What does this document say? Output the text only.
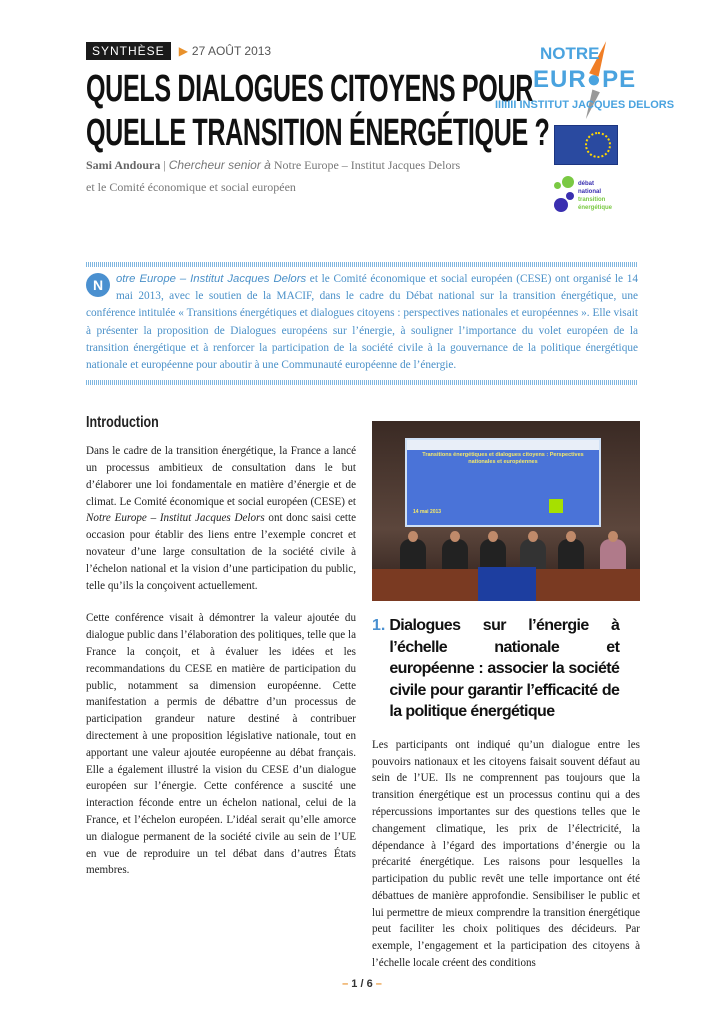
SYNTHÈSE	▶ 27 AOÛT 2013
QUELS DIALOGUES CITOYENS POUR
QUELLE TRANSITION ÉNERGÉTIQUE ?
Sami Andoura | Chercheur senior à Notre Europe – Institut Jacques Delors
et le Comité économique et social européen
NOTRE
EUR●PE
IIIIIII INSTITUT JACQUES DELORS
débat
national
transition
énergétique
N	otre Europe – Institut Jacques Delors et le Comité économique et social européen (CESE) ont organisé le 14 mai 2013, avec le soutien de la MACIF, dans le cadre du Débat national sur la transition énergétique, une conférence intitulée « Transitions énergétiques et dialogues citoyens : perspectives nationales et européennes ». Elle visait à présenter la proposition de Dialogues européens sur l’énergie, à souligner l’importance du volet européen de la transition énergétique et à renforcer la participation de la société civile à la gouvernance de la politique énergétique nationale et européenne pour aboutir à une Communauté européenne de l’énergie.
Introduction

Dans le cadre de la transition énergétique, la France a lancé un processus ambitieux de consultation dans le but d’élaborer une loi fondamentale en matière d’énergie et de climat. Le Comité économique et social européen (CESE) et Notre Europe – Institut Jacques Delors ont donc saisi cette occasion pour établir des liens entre l’exemple concret et novateur d’une large consultation de la société civile à l’échelon national et la vision d’une participation du public, telle qu’ils la conçoivent actuellement.

Cette conférence visait à démontrer la valeur ajoutée du dialogue public dans l’élaboration des politiques, telle que la France la conçoit, et à évaluer les idées et les recommandations du CESE en matière de participation du public, notamment sa dimension européenne. Cette manifestation a permis de débattre d’un processus de participation grandeur nature destiné à contribuer directement à une proposition législative nationale, tout en apportant une valeur ajoutée européenne au débat français. Elle a également illustré la vision du CESE d’un dialogue européen sur l’énergie. Cette conférence a suscité une interaction féconde entre un échelon national, celui de la France, et l’échelon européen. L’idéal serait qu’elle amorce un dialogue permanent de la société civile au sein de l’UE en vue de reproduire un tel débat dans d’autres États membres.

Transitions énergétiques et dialogues citoyens : Perspectives nationales et européennes
14 mai 2013
1. Dialogues sur l’énergie à l’échelle nationale et européenne : associer la société civile pour garantir l’efficacité de la politique énergétique

Les participants ont indiqué qu’un dialogue entre les pouvoirs nationaux et les citoyens faisait souvent défaut au sein de l’UE. Ils ne comprennent pas toujours que la transition énergétique est un processus continu qui a des répercussions importantes sur des questions telles que le changement climatique, les prix de l’électricité, la dépendance à l’égard des importations d’énergie ou la précarité énergétique. Les raisons pour lesquelles la participation du public revêt une telle importance ont été débattues de manière approfondie. Sensibiliser le public et lui permettre de mieux comprendre la transition énergétique peut faciliter les choix politiques des décideurs. Par exemple, l’engagement et la participation des citoyens à l’échelle locale créent des conditions

– 1 / 6 –
